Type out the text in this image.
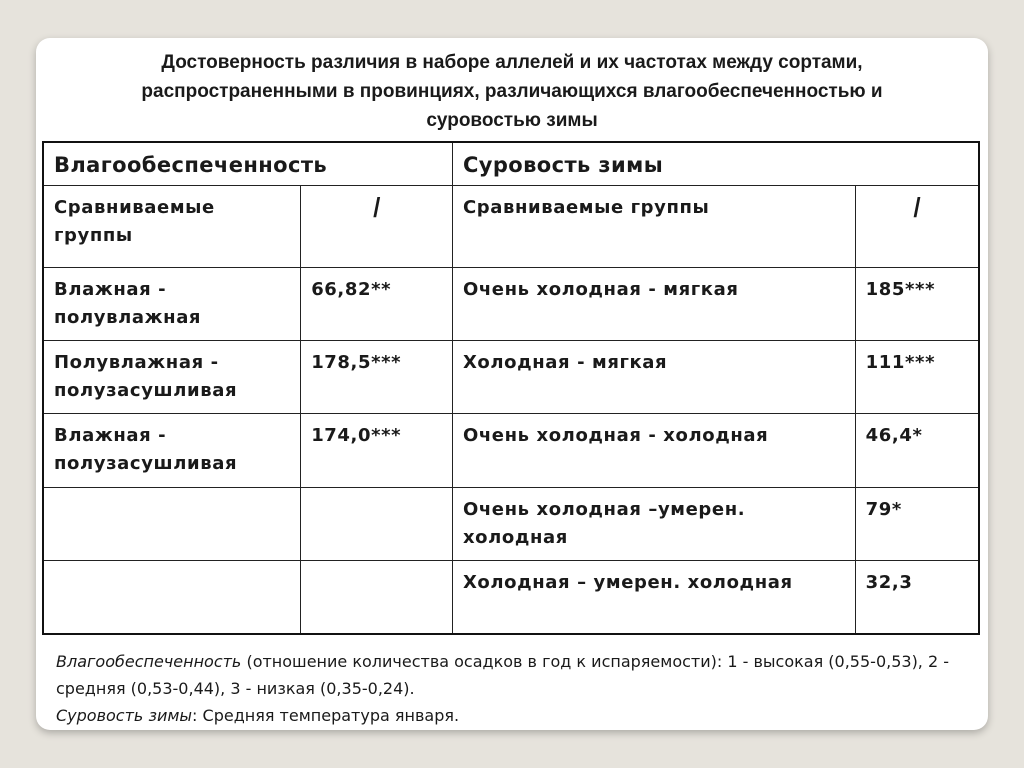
Достоверность различия в наборе аллелей и их частотах между сортами, распространенными в провинциях, различающихся влагообеспеченностью и суровостью зимы
Влагообеспеченность		Суровость зимы	
Сравниваемые группы	I	Сравниваемые группы	I
Влажная - полувлажная	66,82**	Очень холодная - мягкая	185***
Полувлажная - полузасушливая	178,5***	Холодная - мягкая	111***
Влажная - полузасушливая	174,0***	Очень холодная - холодная	46,4*
		Очень холодная –умерен. холодная	79*
		Холодная – умерен. холодная	32,3
Влагообеспеченность (отношение количества осадков в год к испаряемости): 1 - высокая (0,55-0,53), 2 - средняя (0,53-0,44), 3 - низкая (0,35-0,24).
Суровость зимы: Средняя температура января.
